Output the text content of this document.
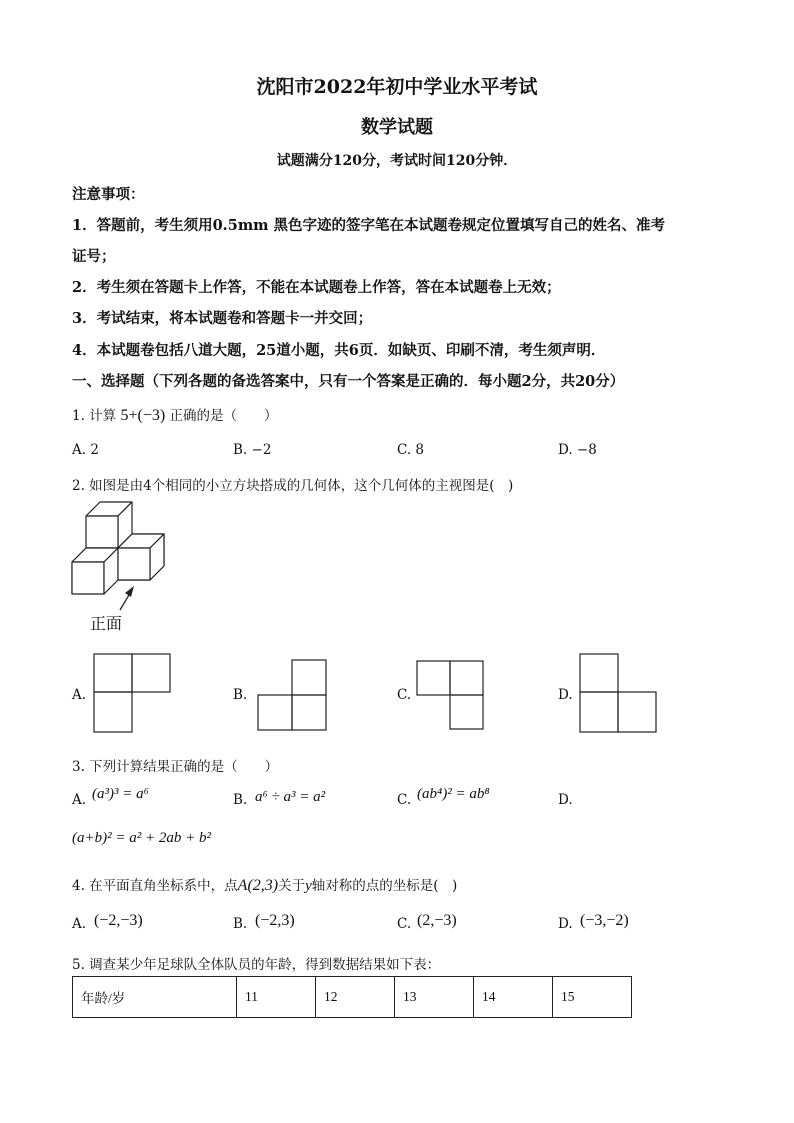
沈阳市2022年初中学业水平考试
数学试题
试题满分120分，考试时间120分钟．
注意事项：
1．答题前，考生须用0.5mm 黑色字迹的签字笔在本试题卷规定位置填写自己的姓名、准考
证号；
2．考生须在答题卡上作答，不能在本试题卷上作答，答在本试题卷上无效；
3．考试结束，将本试题卷和答题卡一并交回；
4．本试题卷包括八道大题，25道小题，共6页．如缺页、印刷不清，考生须声明．
一、选择题（下列各题的备选答案中，只有一个答案是正确的．每小题2分，共20分）
1. 计算 5+(−3) 正确的是（　　）
A. 2	B. −2	C. 8	D. −8
2. 如图是由4个相同的小立方块搭成的几何体，这个几何体的主视图是(　)
正面
A.	B.	C.	D.
3. 下列计算结果正确的是（　　）
A. (a³)³ = a⁶	B. a⁶ ÷ a³ = a²	C. (ab⁴)² = ab⁸	D.
(a+b)² = a² + 2ab + b²
4. 在平面直角坐标系中，点A(2,3)关于y轴对称的点的坐标是(　)
A. (−2,−3)	B. (−2,3)	C. (2,−3)	D. (−3,−2)
5. 调查某少年足球队全体队员的年龄，得到数据结果如下表：
年龄/岁	11	12	13	14	15
